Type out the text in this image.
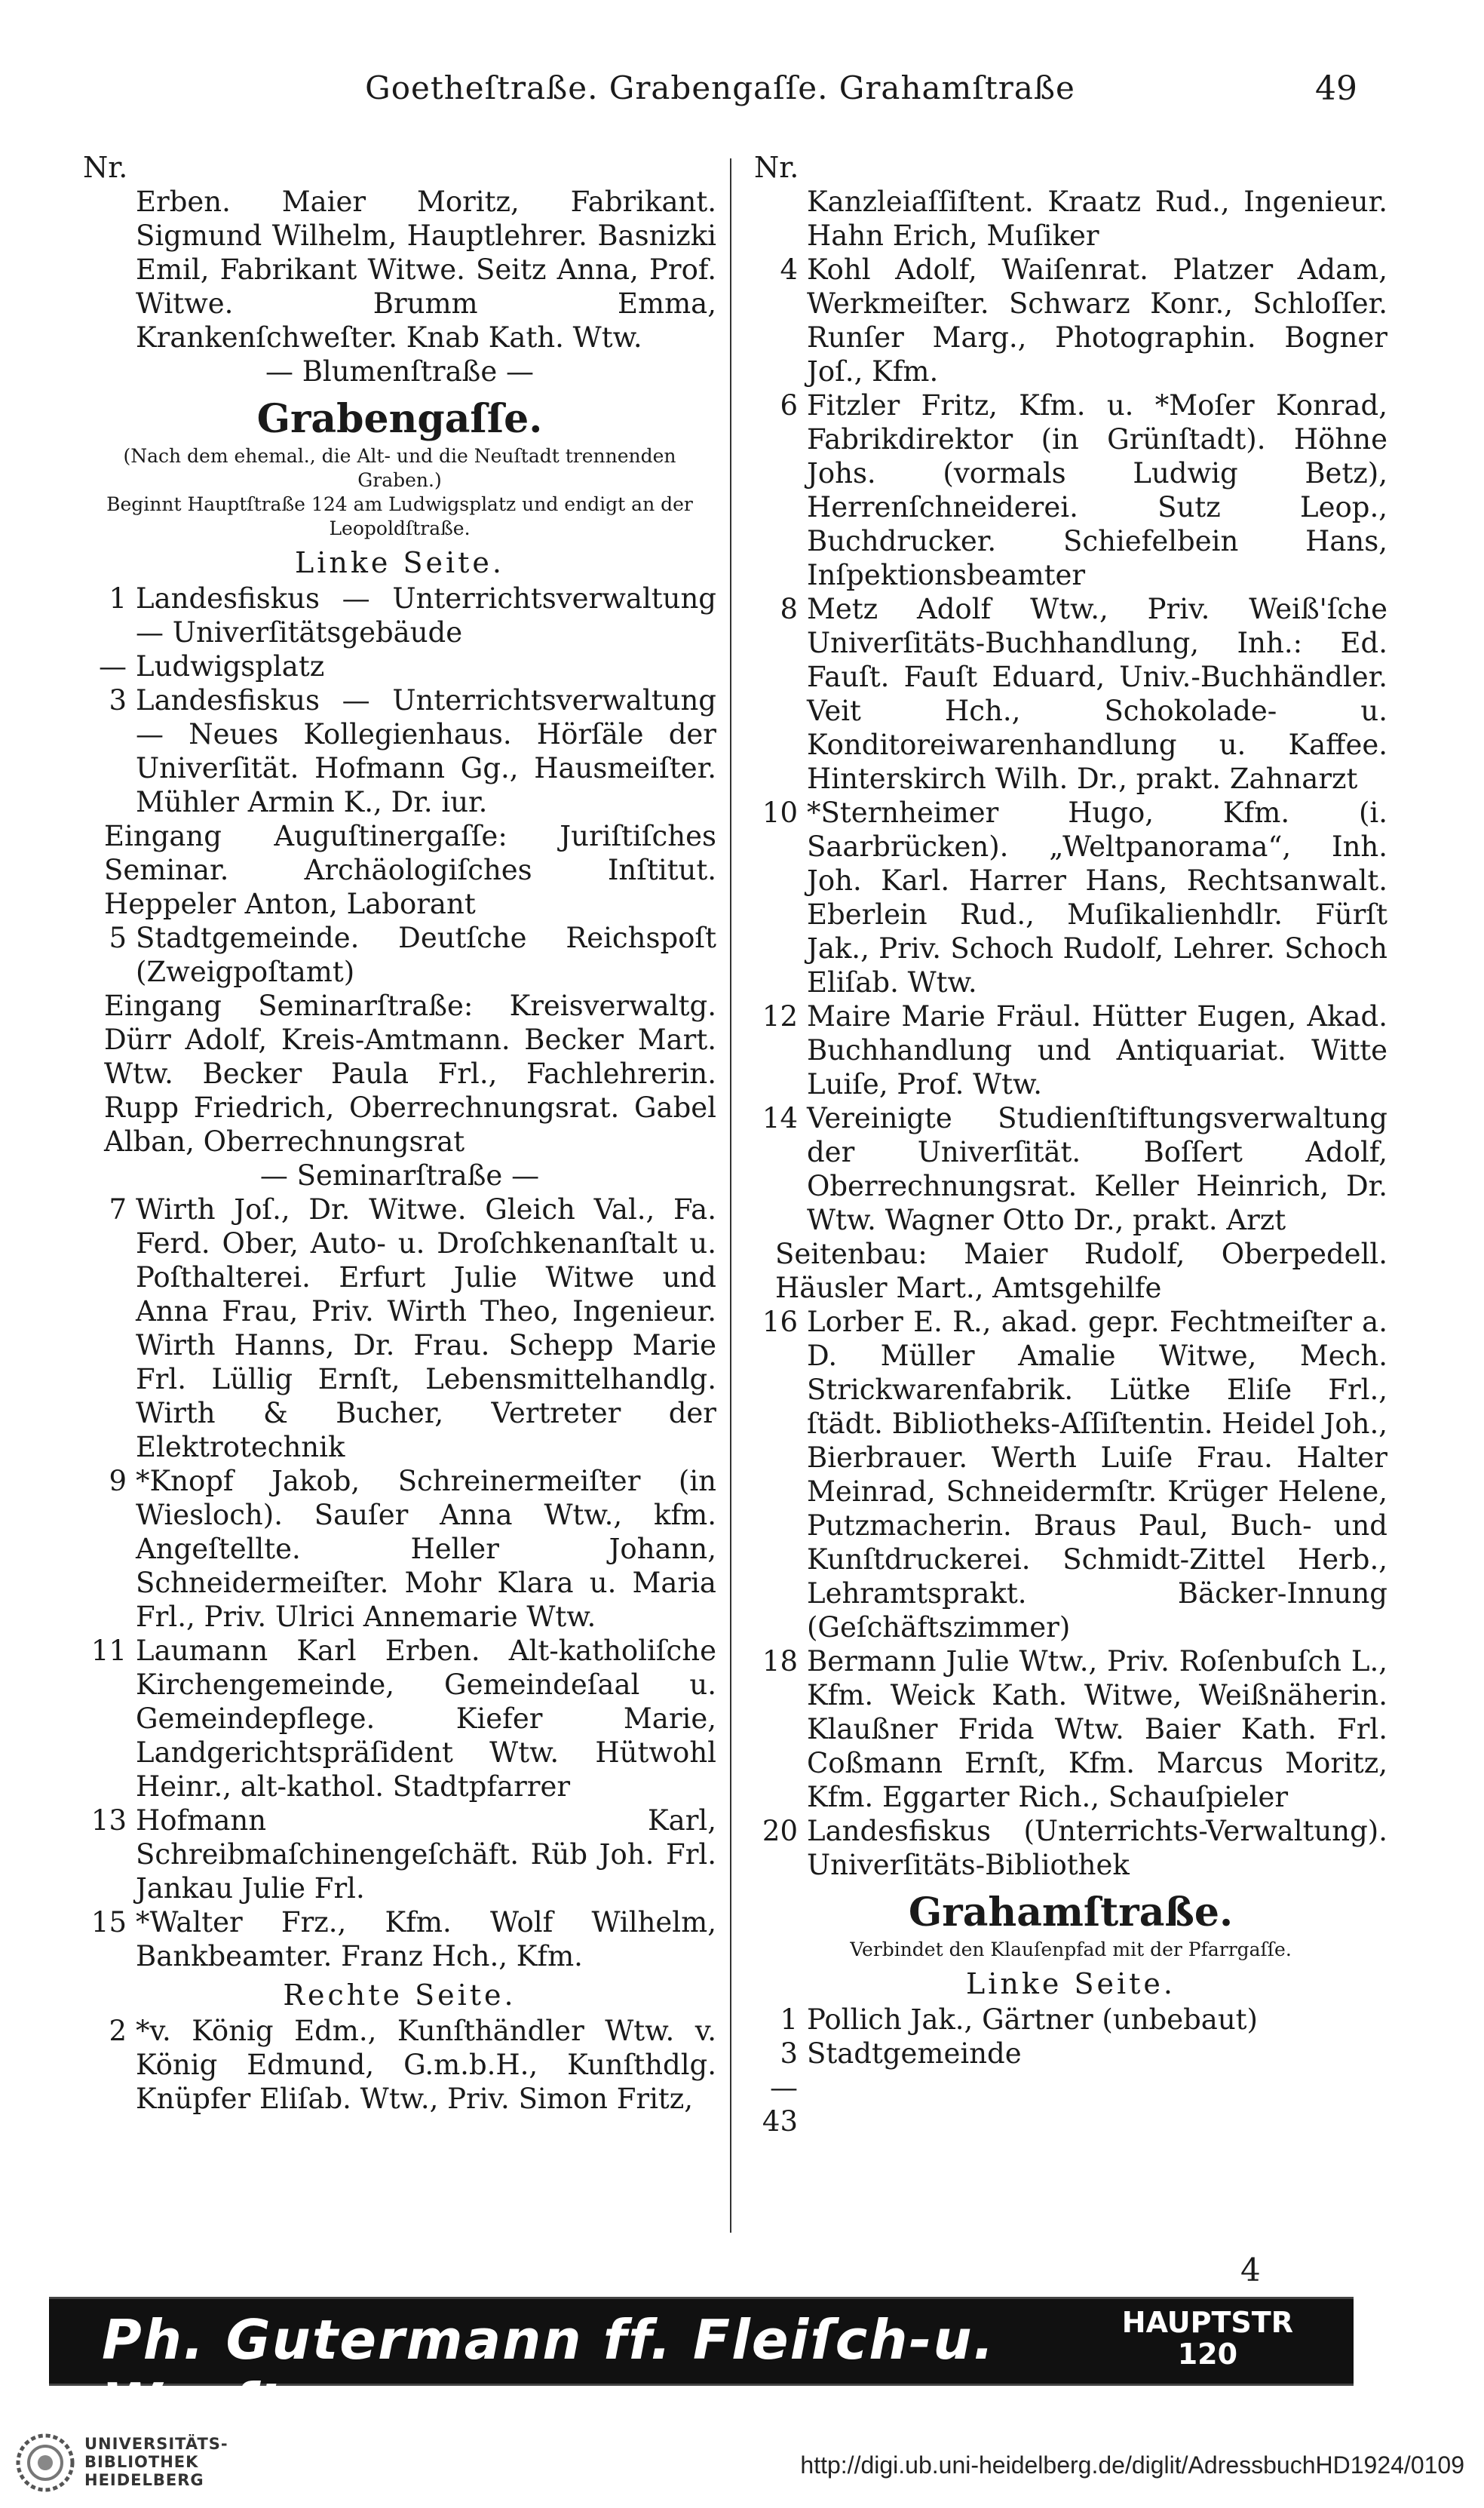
Goetheſtraße. Grabengaſſe. Grahamſtraße	49
Nr.
Erben. Maier Moritz, Fabrikant. Sigmund Wilhelm, Hauptlehrer. Basnizki Emil, Fabrikant Witwe. Seitz Anna, Prof. Witwe. Brumm Emma, Krankenſchweſter. Knab Kath. Wtw.
— Blumenſtraße —
Grabengaſſe.
(Nach dem ehemal., die Alt- und die Neuſtadt trennenden Graben.)
Beginnt Hauptſtraße 124 am Ludwigsplatz und endigt an der Leopoldſtraße.
Linke Seite.
1 Landesfiskus — Unterrichtsverwaltung — Univerſitätsgebäude
— Ludwigsplatz
3 Landesfiskus — Unterrichtsverwaltung — Neues Kollegienhaus. Hörſäle der Univerſität. Hofmann Gg., Hausmeiſter. Mühler Armin K., Dr. iur.
Eingang Auguſtinergaſſe: Juriſtiſches Seminar. Archäologiſches Inſtitut. Heppeler Anton, Laborant
5 Stadtgemeinde. Deutſche Reichspoſt (Zweigpoſtamt)
Eingang Seminarſtraße: Kreisverwaltg. Dürr Adolf, Kreis-Amtmann. Becker Mart. Wtw. Becker Paula Frl., Fachlehrerin. Rupp Friedrich, Oberrechnungsrat. Gabel Alban, Oberrechnungsrat
— Seminarſtraße —
7 Wirth Joſ., Dr. Witwe. Gleich Val., Fa. Ferd. Ober, Auto- u. Droſchkenanſtalt u. Poſthalterei. Erfurt Julie Witwe und Anna Frau, Priv. Wirth Theo, Ingenieur. Wirth Hanns, Dr. Frau. Schepp Marie Frl. Lüllig Ernſt, Lebensmittelhandlg. Wirth & Bucher, Vertreter der Elektrotechnik
9 *Knopf Jakob, Schreinermeiſter (in Wiesloch). Sauſer Anna Wtw., kfm. Angeſtellte. Heller Johann, Schneidermeiſter. Mohr Klara u. Maria Frl., Priv. Ulrici Annemarie Wtw.
11 Laumann Karl Erben. Alt-katholiſche Kirchengemeinde, Gemeindeſaal u. Gemeindepflege. Kiefer Marie, Landgerichtspräſident Wtw. Hütwohl Heinr., alt-kathol. Stadtpfarrer
13 Hofmann Karl, Schreibmaſchinengeſchäft. Rüb Joh. Frl. Jankau Julie Frl.
15 *Walter Frz., Kfm. Wolf Wilhelm, Bankbeamter. Franz Hch., Kfm.
Rechte Seite.
2 *v. König Edm., Kunſthändler Wtw. v. König Edmund, G.m.b.H., Kunſthdlg. Knüpfer Eliſab. Wtw., Priv. Simon Fritz,
Nr.
Kanzleiaſſiſtent. Kraatz Rud., Ingenieur. Hahn Erich, Muſiker
4 Kohl Adolf, Waiſenrat. Platzer Adam, Werkmeiſter. Schwarz Konr., Schloſſer. Runſer Marg., Photographin. Bogner Joſ., Kfm.
6 Fitzler Fritz, Kfm. u. *Moſer Konrad, Fabrikdirektor (in Grünſtadt). Höhne Johs. (vormals Ludwig Betz), Herrenſchneiderei. Sutz Leop., Buchdrucker. Schiefelbein Hans, Inſpektionsbeamter
8 Metz Adolf Wtw., Priv. Weiß'ſche Univerſitäts-Buchhandlung, Inh.: Ed. Fauſt. Fauſt Eduard, Univ.-Buchhändler. Veit Hch., Schokolade- u. Konditoreiwarenhandlung u. Kaffee. Hinterskirch Wilh. Dr., prakt. Zahnarzt
10 *Sternheimer Hugo, Kfm. (i. Saarbrücken). „Weltpanorama“, Inh. Joh. Karl. Harrer Hans, Rechtsanwalt. Eberlein Rud., Muſikalienhdlr. Fürſt Jak., Priv. Schoch Rudolf, Lehrer. Schoch Eliſab. Wtw.
12 Maire Marie Fräul. Hütter Eugen, Akad. Buchhandlung und Antiquariat. Witte Luiſe, Prof. Wtw.
14 Vereinigte Studienſtiftungsverwaltung der Univerſität. Boſſert Adolf, Oberrechnungsrat. Keller Heinrich, Dr. Wtw. Wagner Otto Dr., prakt. Arzt
Seitenbau: Maier Rudolf, Oberpedell. Häusler Mart., Amtsgehilfe
16 Lorber E. R., akad. gepr. Fechtmeiſter a. D. Müller Amalie Witwe, Mech. Strickwarenfabrik. Lütke Eliſe Frl., ſtädt. Bibliotheks-Aſſiſtentin. Heidel Joh., Bierbrauer. Werth Luiſe Frau. Halter Meinrad, Schneidermſtr. Krüger Helene, Putzmacherin. Braus Paul, Buch- und Kunſtdruckerei. Schmidt-Zittel Herb., Lehramtsprakt. Bäcker-Innung (Geſchäftszimmer)
18 Bermann Julie Wtw., Priv. Roſenbuſch L., Kfm. Weick Kath. Witwe, Weißnäherin. Klaußner Frida Wtw. Baier Kath. Frl. Coßmann Ernſt, Kfm. Marcus Moritz, Kfm. Eggarter Rich., Schauſpieler
20 Landesfiskus (Unterrichts-Verwaltung). Univerſitäts-Bibliothek
Grahamſtraße.
Verbindet den Klauſenpfad mit der Pfarrgaſſe.
Linke Seite.
1 Pollich Jak., Gärtner (unbebaut)
3—43
Stadtgemeinde
4
Ph. Gutermann ff. Fleiſch-u. Wurſtwaren
HAUPTSTR
120
UNIVERSITÄTS-
BIBLIOTHEK
HEIDELBERG
http://digi.ub.uni-heidelberg.de/diglit/AdressbuchHD1924/0109
